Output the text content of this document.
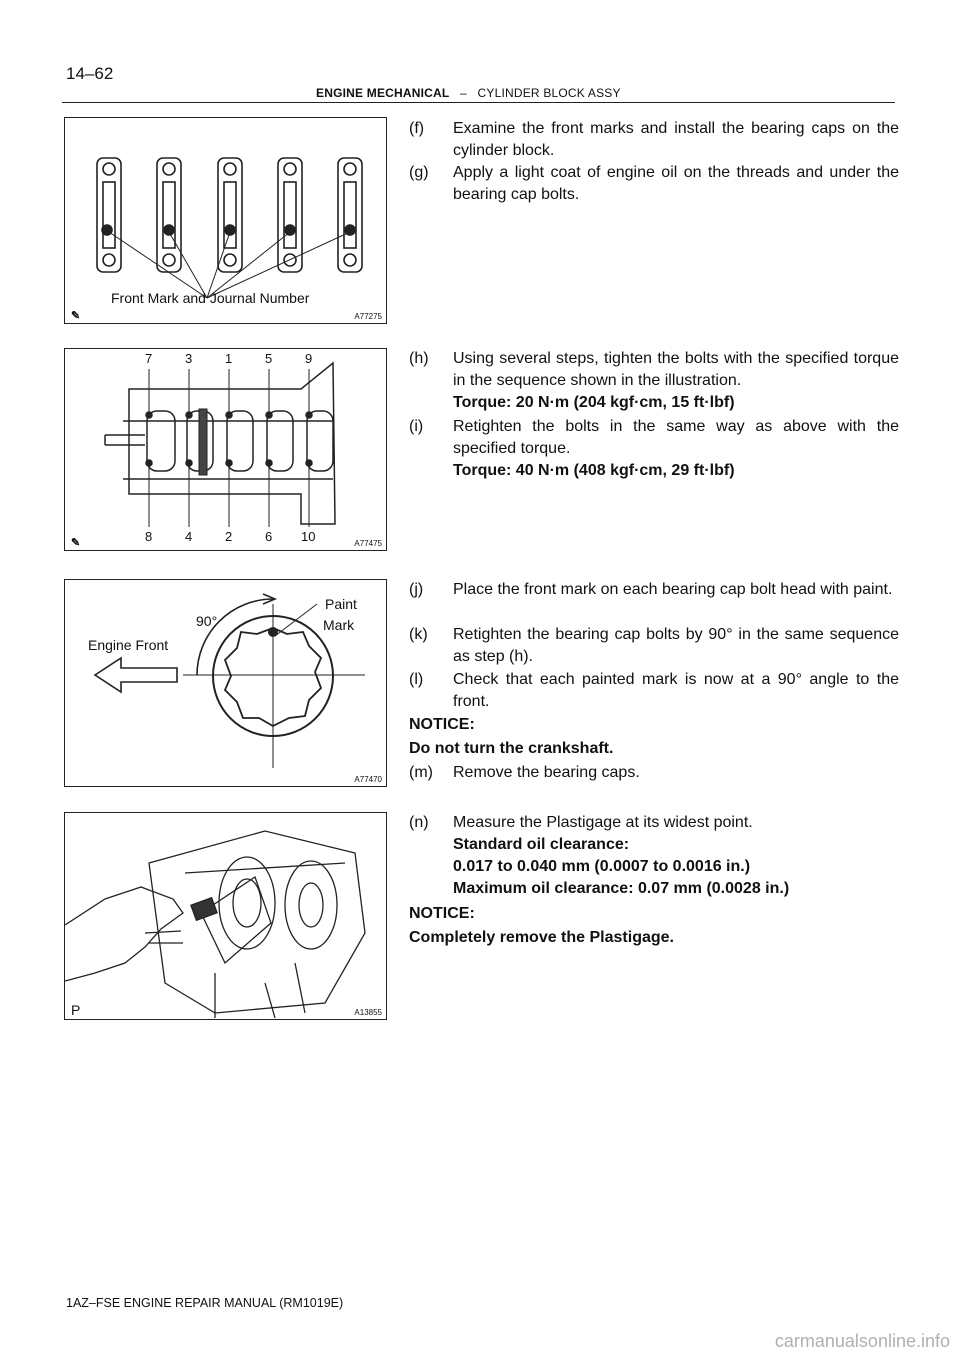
14–62
ENGINE MECHANICAL – CYLINDER BLOCK ASSY
Front Mark and Journal Number
✎	A77275
7	3	1	5	9
8	4	2	6 10
✎	A77475
Engine Front
90°
Paint
Mark
A77470
P	A13855
(f) Examine the front marks and install the bearing caps on the cylinder block.
(g) Apply a light coat of engine oil on the threads and under the bearing cap bolts.
(h) Using several steps, tighten the bolts with the specified torque in the sequence shown in the illustration.
Torque: 20 N·m (204 kgf·cm, 15 ft·lbf)
(i) Retighten the bolts in the same way as above with the specified torque.
Torque: 40 N·m (408 kgf·cm, 29 ft·lbf)
(j) Place the front mark on each bearing cap bolt head with paint.
(k) Retighten the bearing cap bolts by 90° in the same sequence as step (h).
(l) Check that each painted mark is now at a 90° angle to the front.
NOTICE:
Do not turn the crankshaft.
(m) Remove the bearing caps.
(n) Measure the Plastigage at its widest point.
Standard oil clearance:
0.017 to 0.040 mm (0.0007 to 0.0016 in.)
Maximum oil clearance: 0.07 mm (0.0028 in.)
NOTICE:
Completely remove the Plastigage.
1AZ–FSE ENGINE REPAIR MANUAL (RM1019E)
carmanualsonline.info
